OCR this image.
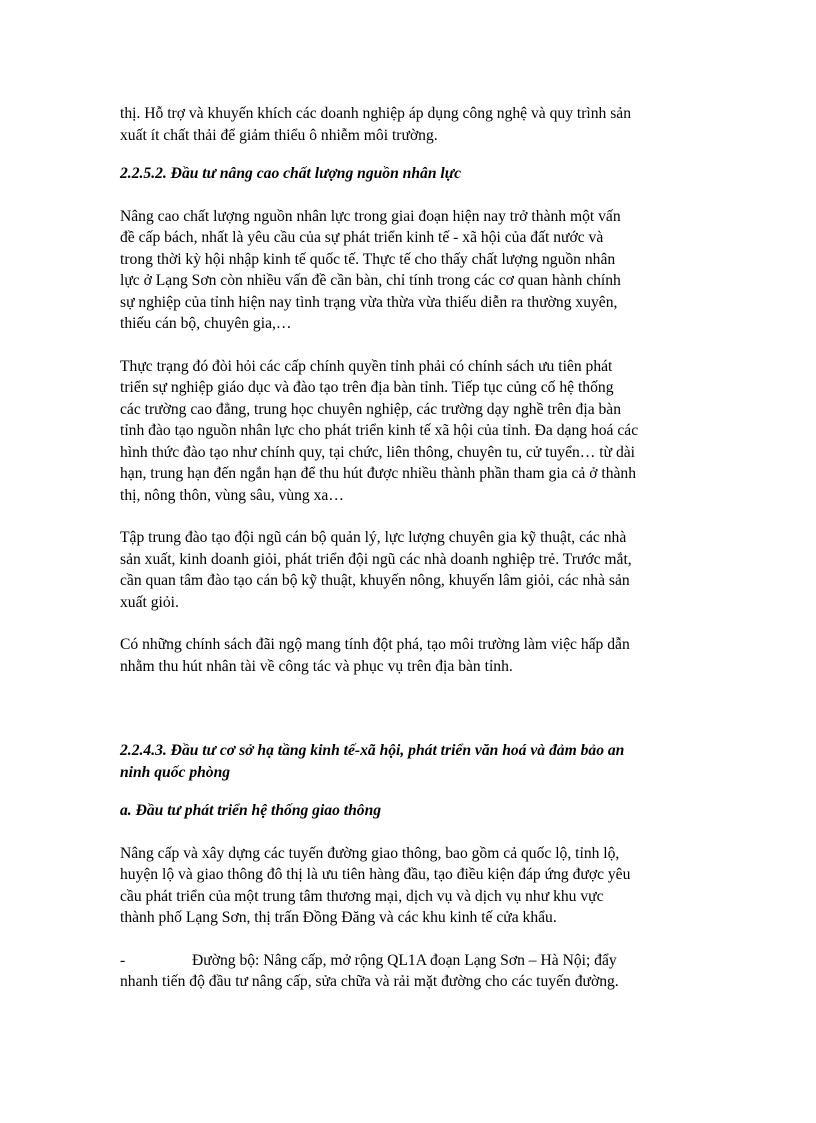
thị. Hỗ trợ và khuyến khích các doanh nghiệp áp dụng công nghệ và quy trình sản
xuất ít chất thải để giảm thiểu ô nhiễm môi trường.

2.2.5.2. Đầu tư nâng cao chất lượng nguồn nhân lực

Nâng cao chất lượng nguồn nhân lực trong giai đoạn hiện nay trở thành một vấn
đề cấp bách, nhất là yêu cầu của sự phát triển kinh tế - xã hội của đất nước và
trong thời kỳ hội nhập kinh tế quốc tế. Thực tế cho thấy chất lượng nguồn nhân
lực ở Lạng Sơn còn nhiều vấn đề cần bàn, chỉ tính trong các cơ quan hành chính
sự nghiệp của tỉnh hiện nay tình trạng vừa thừa vừa thiếu diễn ra thường xuyên,
thiếu cán bộ, chuyên gia,…

Thực trạng đó đòi hỏi các cấp chính quyền tỉnh phải có chính sách ưu tiên phát
triển sự nghiệp giáo dục và đào tạo trên địa bàn tỉnh. Tiếp tục củng cố hệ thống
các trường cao đẳng, trung học chuyên nghiệp, các trường dạy nghề trên địa bàn
tỉnh đào tạo nguồn nhân lực cho phát triển kinh tế xã hội của tỉnh. Đa dạng hoá các
hình thức đào tạo như chính quy, tại chức, liên thông, chuyên tu, cử tuyển… từ dài
hạn, trung hạn đến ngắn hạn để thu hút được nhiều thành phần tham gia cả ở thành
thị, nông thôn, vùng sâu, vùng xa…

Tập trung đào tạo đội ngũ cán bộ quản lý, lực lượng chuyên gia kỹ thuật, các nhà
sản xuất, kinh doanh giỏi, phát triển đội ngũ các nhà doanh nghiệp trẻ. Trước mắt,
cần quan tâm đào tạo cán bộ kỹ thuật, khuyến nông, khuyến lâm giỏi, các nhà sản
xuất giỏi.

Có những chính sách đãi ngộ mang tính đột phá, tạo môi trường làm việc hấp dẫn
nhằm thu hút nhân tài về công tác và phục vụ trên địa bàn tỉnh.

2.2.4.3. Đầu tư cơ sở hạ tầng kinh tế-xã hội, phát triển văn hoá và đảm bảo an
ninh quốc phòng

a. Đầu tư phát triển hệ thống giao thông

Nâng cấp và xây dựng các tuyến đường giao thông, bao gồm cả quốc lộ, tỉnh lộ,
huyện lộ và giao thông đô thị là ưu tiên hàng đầu, tạo điều kiện đáp ứng được yêu
cầu phát triển của một trung tâm thương mại, dịch vụ và dịch vụ như khu vực
thành phố Lạng Sơn, thị trấn Đồng Đăng và các khu kinh tế cửa khẩu.

-	Đường bộ: Nâng cấp, mở rộng QL1A đoạn Lạng Sơn – Hà Nội; đẩy
nhanh tiến độ đầu tư nâng cấp, sửa chữa và rải mặt đường cho các tuyến đường.
